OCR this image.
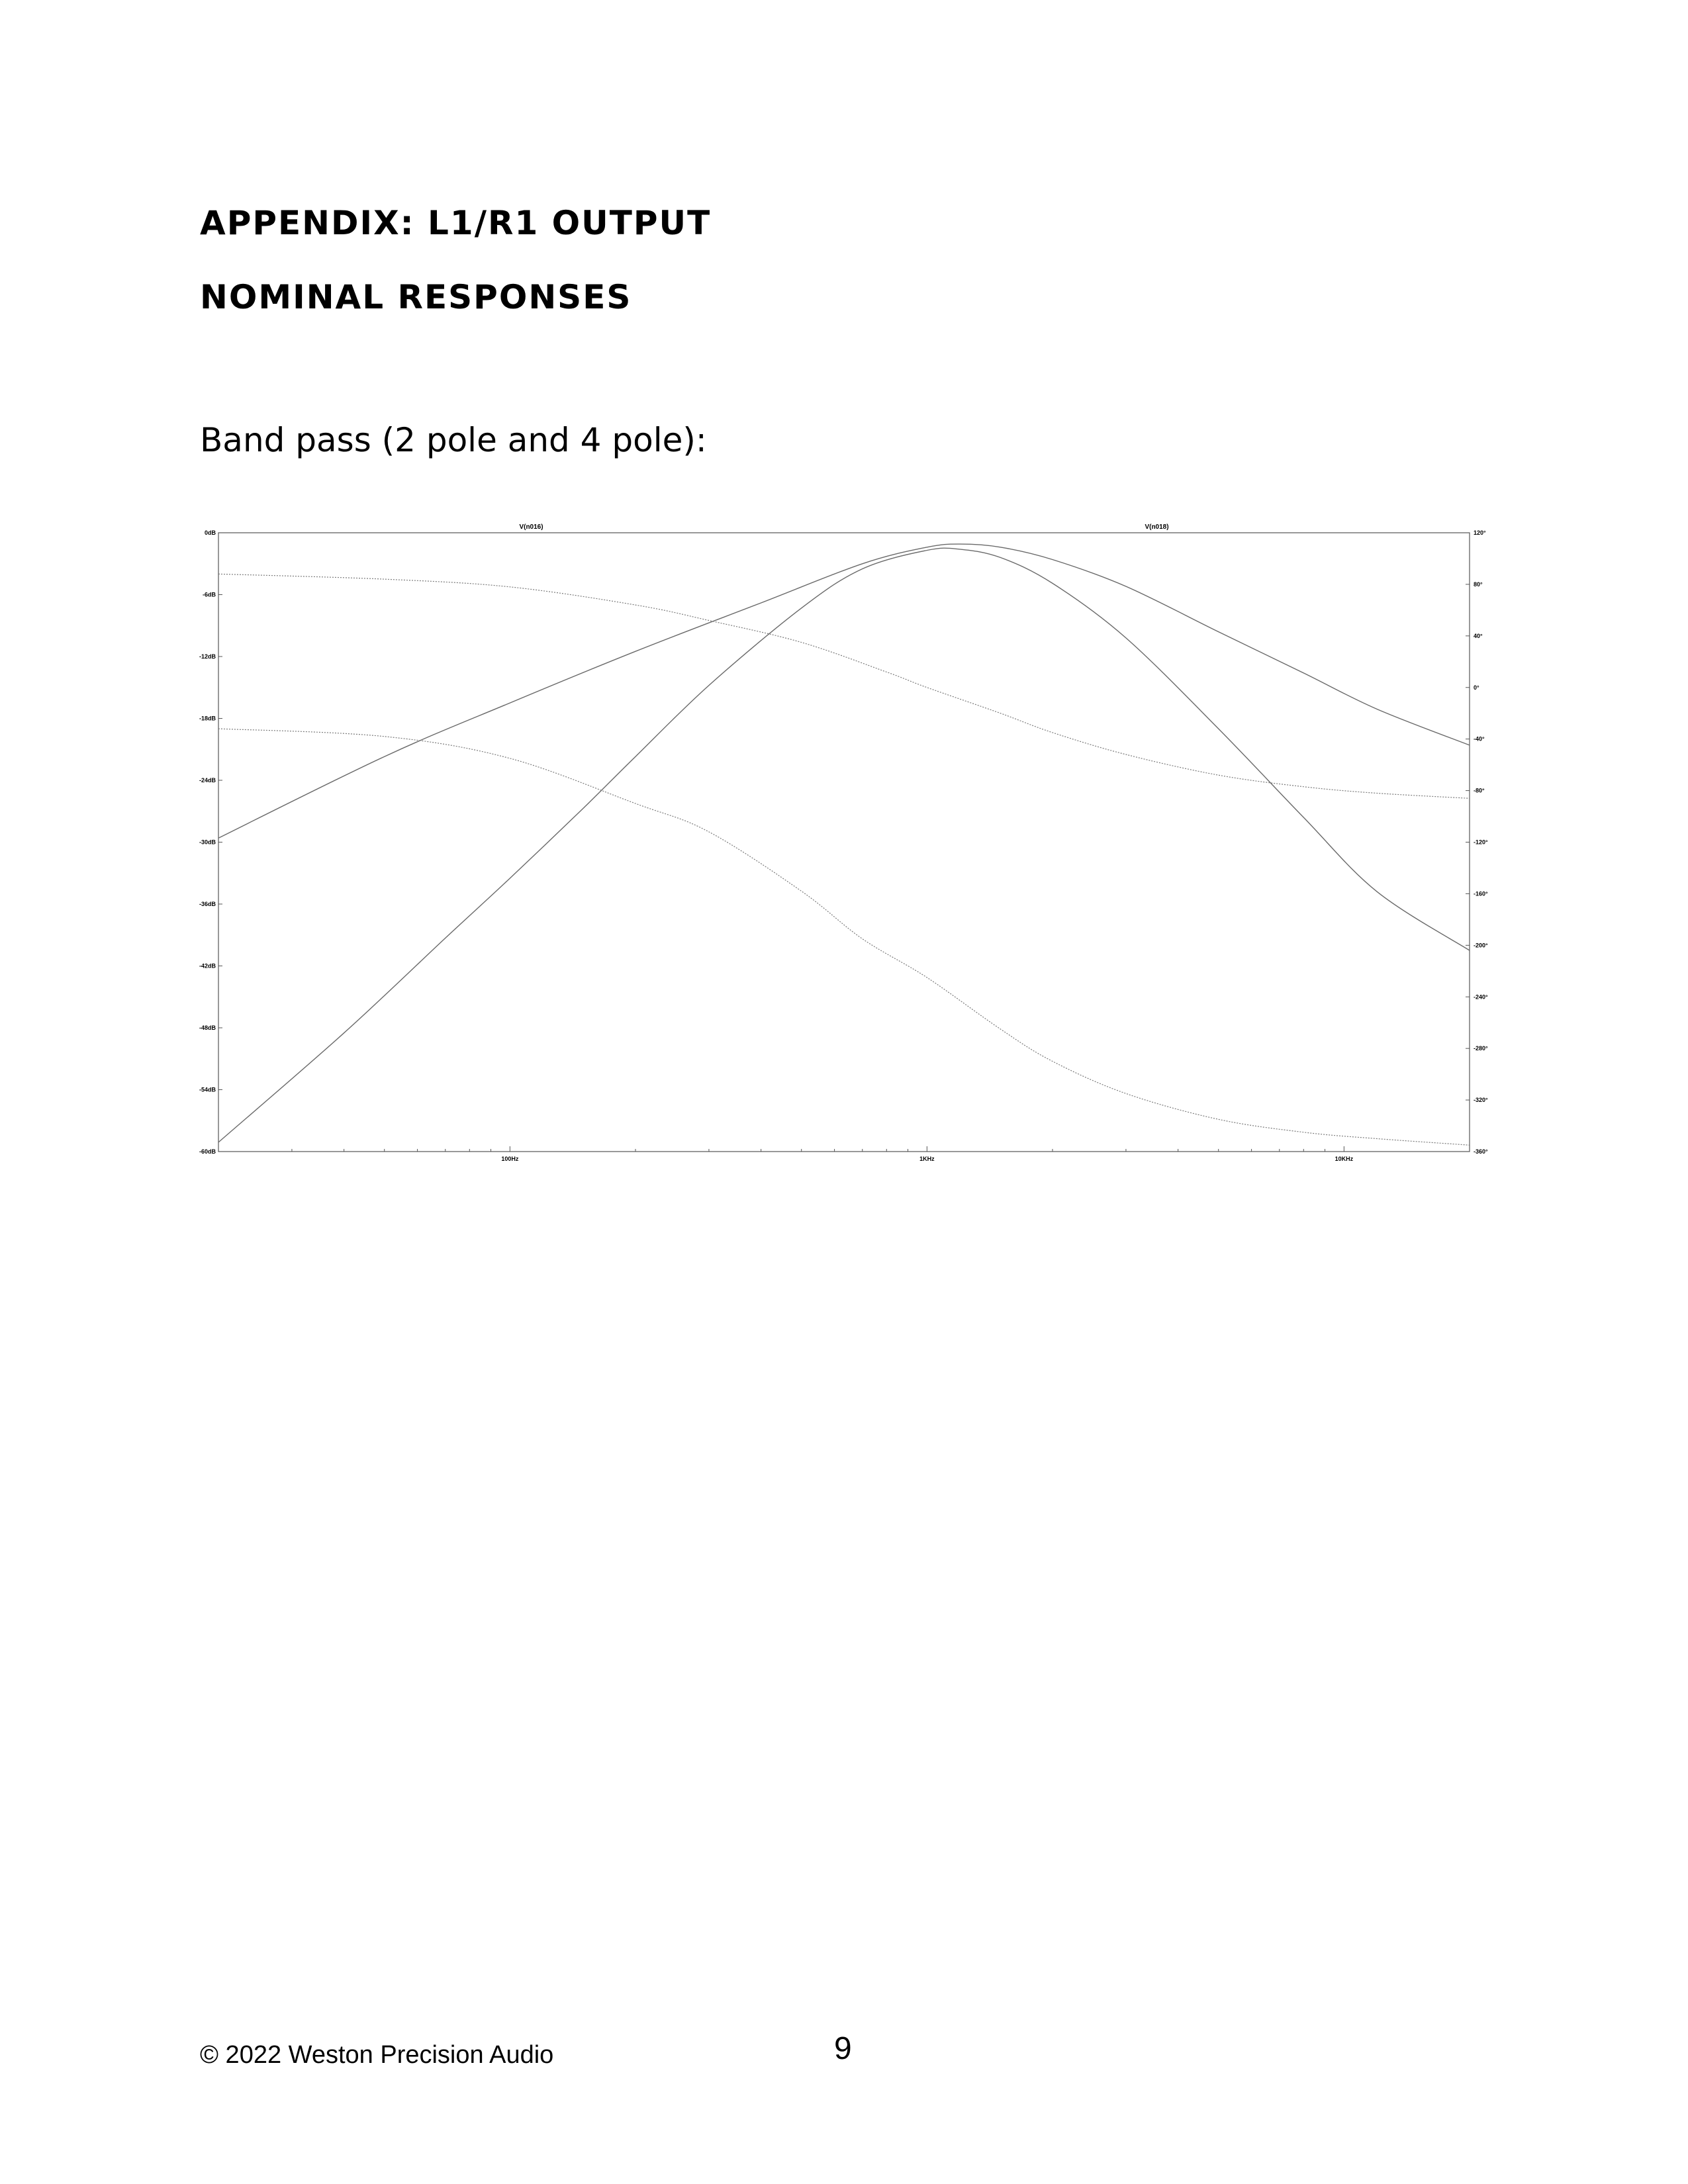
APPENDIX: L1/R1 OUTPUT
NOMINAL RESPONSES

Band pass (2 pole and 4 pole):

V(n016)	V(n018)
0dB
-6dB
-12dB
-18dB
-24dB
-30dB
-36dB
-42dB
-48dB
-54dB
-60dB
120°
80°
40°
0°
-40°
-80°
-120°
-160°
-200°
-240°
-280°
-320°
-360°
100Hz	1KHz	10KHz
© 2022 Weston Precision Audio	9
